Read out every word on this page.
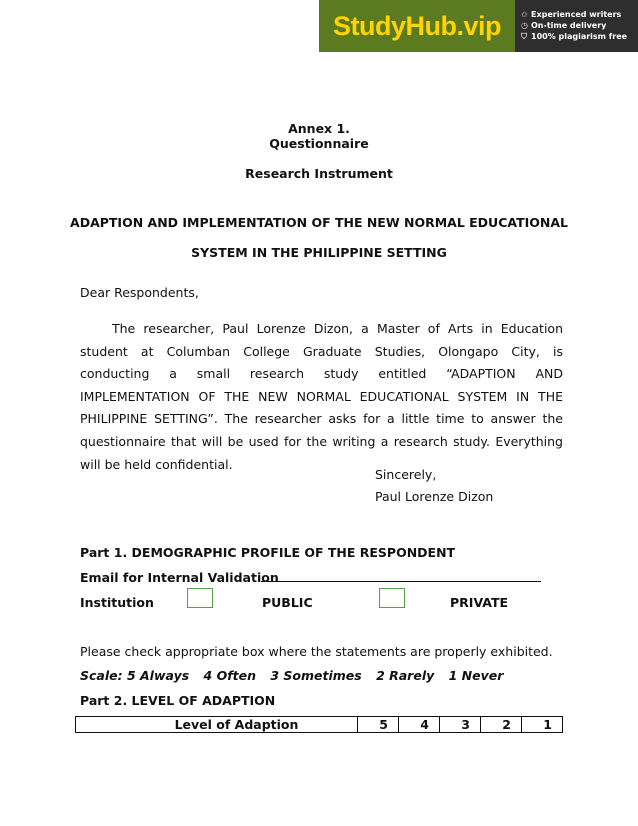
StudyHub.vip	✩ Experienced writers
◷ On-time delivery
⛉ 100% plagiarism free
Annex 1.
Questionnaire
Research Instrument
ADAPTION AND IMPLEMENTATION OF THE NEW NORMAL EDUCATIONAL
SYSTEM IN THE PHILIPPINE SETTING
Dear Respondents,
The researcher, Paul Lorenze Dizon, a Master of Arts in Education student at Columban College Graduate Studies, Olongapo City, is conducting a small research study entitled “ADAPTION AND IMPLEMENTATION OF THE NEW NORMAL EDUCATIONAL SYSTEM IN THE PHILIPPINE SETTING”. The researcher asks for a little time to answer the questionnaire that will be used for the writing a research study. Everything will be held confidential.
Sincerely,
Paul Lorenze Dizon
Part 1. DEMOGRAPHIC PROFILE OF THE RESPONDENT
Email for Internal Validation
Institution	PUBLIC	PRIVATE
Please check appropriate box where the statements are properly exhibited.
Scale: 5 Always 4 Often 3 Sometimes 2 Rarely 1 Never
Part 2. LEVEL OF ADAPTION
Level of Adaption	5	4	3	2	1
